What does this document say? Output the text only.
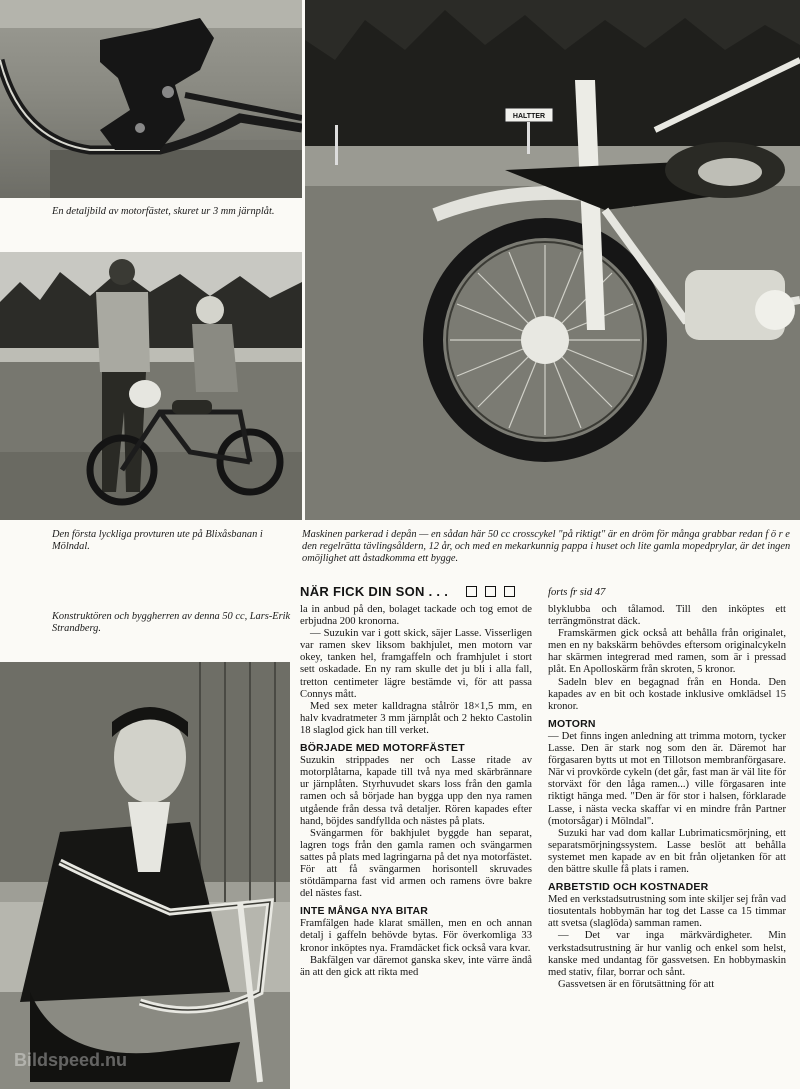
En detaljbild av motorfästet, skuret ur 3 mm järnplåt.
Den första lyckliga provturen ute på Blixåsbanan i Mölndal.
HALTTER
Maskinen parkerad i depån — en sådan här 50 cc crosscykel "på riktigt" är en dröm för många grabbar redan f ö r e den regelrätta tävlingsåldern, 12 år, och med en mekarkunnig pappa i huset och lite gamla mopedprylar, är det ingen omöjlighet att åstadkomma ett bygge.
NÄR FICK DIN SON . . .	forts fr sid 47
Konstruktören och byggherren av denna 50 cc, Lars-Erik Strandberg.
Bildspeed.nu

la in anbud på den, bolaget tackade och tog emot de erbjudna 200 kronorna.

— Suzukin var i gott skick, säjer Lasse. Visserligen var ramen skev liksom bakhjulet, men motorn var okey, tanken hel, framgaffeln och framhjulet i stort sett oskadade. En ny ram skulle det ju bli i alla fall, tretton centimeter lägre bestämde vi, för att passa Connys mått.

Med sex meter kalldragna stålrör 18×1,5 mm, en halv kvadratmeter 3 mm järnplåt och 2 hekto Castolin 18 slaglod gick han till verket.

BÖRJADE MED MOTORFÄSTET

Suzukin strippades ner och Lasse ritade av motorplåtarna, kapade till två nya med skärbrännare ur järnplåten. Styrhuvudet skars loss från den gamla ramen och så började han bygga upp den nya ramen utgående från dessa två detaljer. Rören kapades efter hand, böjdes sandfyllda och nästes på plats.

Svängarmen för bakhjulet byggde han separat, lagren togs från den gamla ramen och svängarmen sattes på plats med lagringarna på det nya motorfästet. För att få svängarmen horisontell skruvades stötdämparna fast vid armen och ramens övre bakre del nästes fast.

INTE MÅNGA NYA BITAR

Framfälgen hade klarat smällen, men en och annan detalj i gaffeln behövde bytas. För överkomliga 33 kronor inköptes nya. Framdäcket fick också vara kvar.

Bakfälgen var däremot ganska skev, inte värre ändå än att den gick att rikta med

blyklubba och tålamod. Till den inköptes ett terrängmönstrat däck.

Framskärmen gick också att behålla från originalet, men en ny bakskärm behövdes eftersom originalcykeln har skärmen integrerad med ramen, som är i pressad plåt. En Apolloskärm från skroten, 5 kronor.

Sadeln blev en begagnad från en Honda. Den kapades av en bit och kostade inklusive omklädsel 15 kronor.

MOTORN

— Det finns ingen anledning att trimma motorn, tycker Lasse. Den är stark nog som den är. Däremot har förgasaren bytts ut mot en Tillotson membranförgasare. När vi provkörde cykeln (det går, fast man är väl lite för storväxt för den låga ramen...) ville förgasaren inte riktigt hänga med. "Den är för stor i halsen, förklarade Lasse, i nästa vecka skaffar vi en mindre från Partner (motorsågar) i Mölndal".

Suzuki har vad dom kallar Lubrimaticsmörjning, ett separatsmörjningssystem. Lasse beslöt att behålla systemet men kapade av en bit från oljetanken för att den bättre skulle få plats i ramen.

ARBETSTID OCH KOSTNADER

Med en verkstadsutrustning som inte skiljer sej från vad tiosutentals hobbymän har tog det Lasse ca 15 timmar att svetsa (slaglöda) samman ramen.

— Det var inga märkvärdigheter. Min verkstadsutrustning är hur vanlig och enkel som helst, kanske med undantag för gassvetsen. En hobbymaskin med stativ, filar, borrar och sånt.

Gassvetsen är en förutsättning för att
